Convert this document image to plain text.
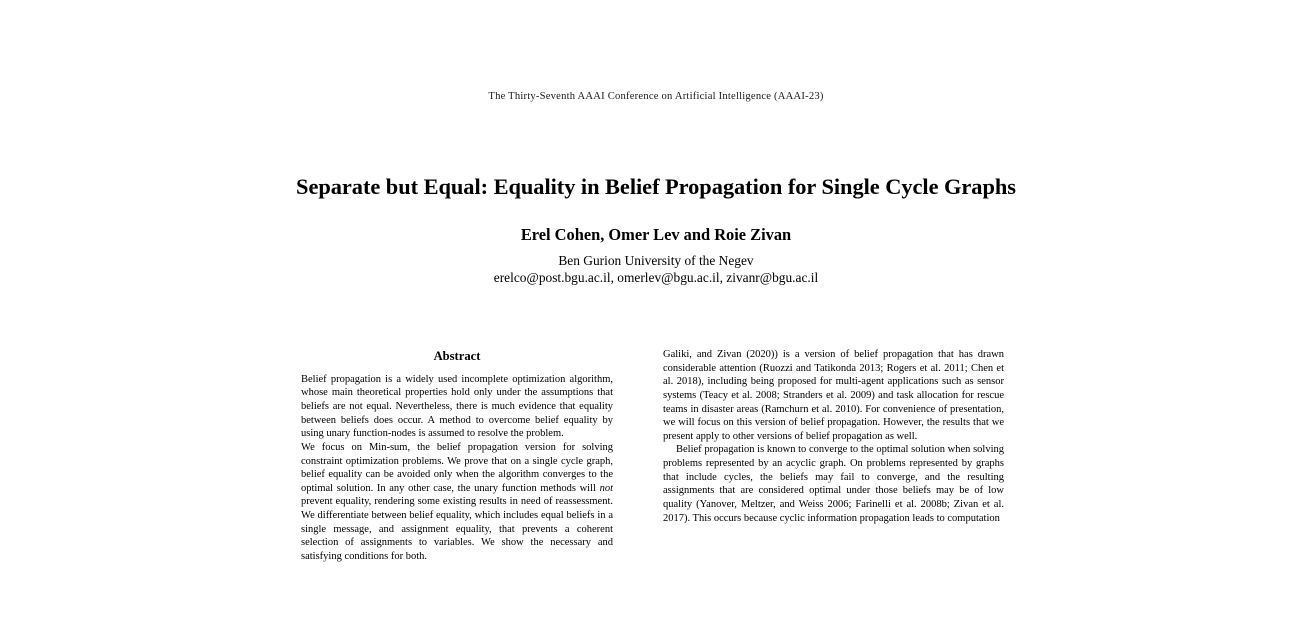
The Thirty-Seventh AAAI Conference on Artificial Intelligence (AAAI-23)
Separate but Equal: Equality in Belief Propagation for Single Cycle Graphs
Erel Cohen, Omer Lev and Roie Zivan
Ben Gurion University of the Negev
erelco@post.bgu.ac.il, omerlev@bgu.ac.il, zivanr@bgu.ac.il
Abstract

Belief propagation is a widely used incomplete optimization algorithm, whose main theoretical properties hold only under the assumptions that beliefs are not equal. Nevertheless, there is much evidence that equality between beliefs does occur. A method to overcome belief equality by using unary function-nodes is assumed to resolve the problem.

We focus on Min-sum, the belief propagation version for solving constraint optimization problems. We prove that on a single cycle graph, belief equality can be avoided only when the algorithm converges to the optimal solution. In any other case, the unary function methods will not prevent equality, rendering some existing results in need of reassessment. We differentiate between belief equality, which includes equal beliefs in a single message, and assignment equality, that prevents a coherent selection of assignments to variables. We show the necessary and satisfying conditions for both.

Galiki, and Zivan (2020)) is a version of belief propagation that has drawn considerable attention (Ruozzi and Tatikonda 2013; Rogers et al. 2011; Chen et al. 2018), including being proposed for multi-agent applications such as sensor systems (Teacy et al. 2008; Stranders et al. 2009) and task allocation for rescue teams in disaster areas (Ramchurn et al. 2010). For convenience of presentation, we will focus on this version of belief propagation. However, the results that we present apply to other versions of belief propagation as well.

Belief propagation is known to converge to the optimal solution when solving problems represented by an acyclic graph. On problems represented by graphs that include cycles, the beliefs may fail to converge, and the resulting assignments that are considered optimal under those beliefs may be of low quality (Yanover, Meltzer, and Weiss 2006; Farinelli et al. 2008b; Zivan et al. 2017). This occurs because cyclic information propagation leads to computation
